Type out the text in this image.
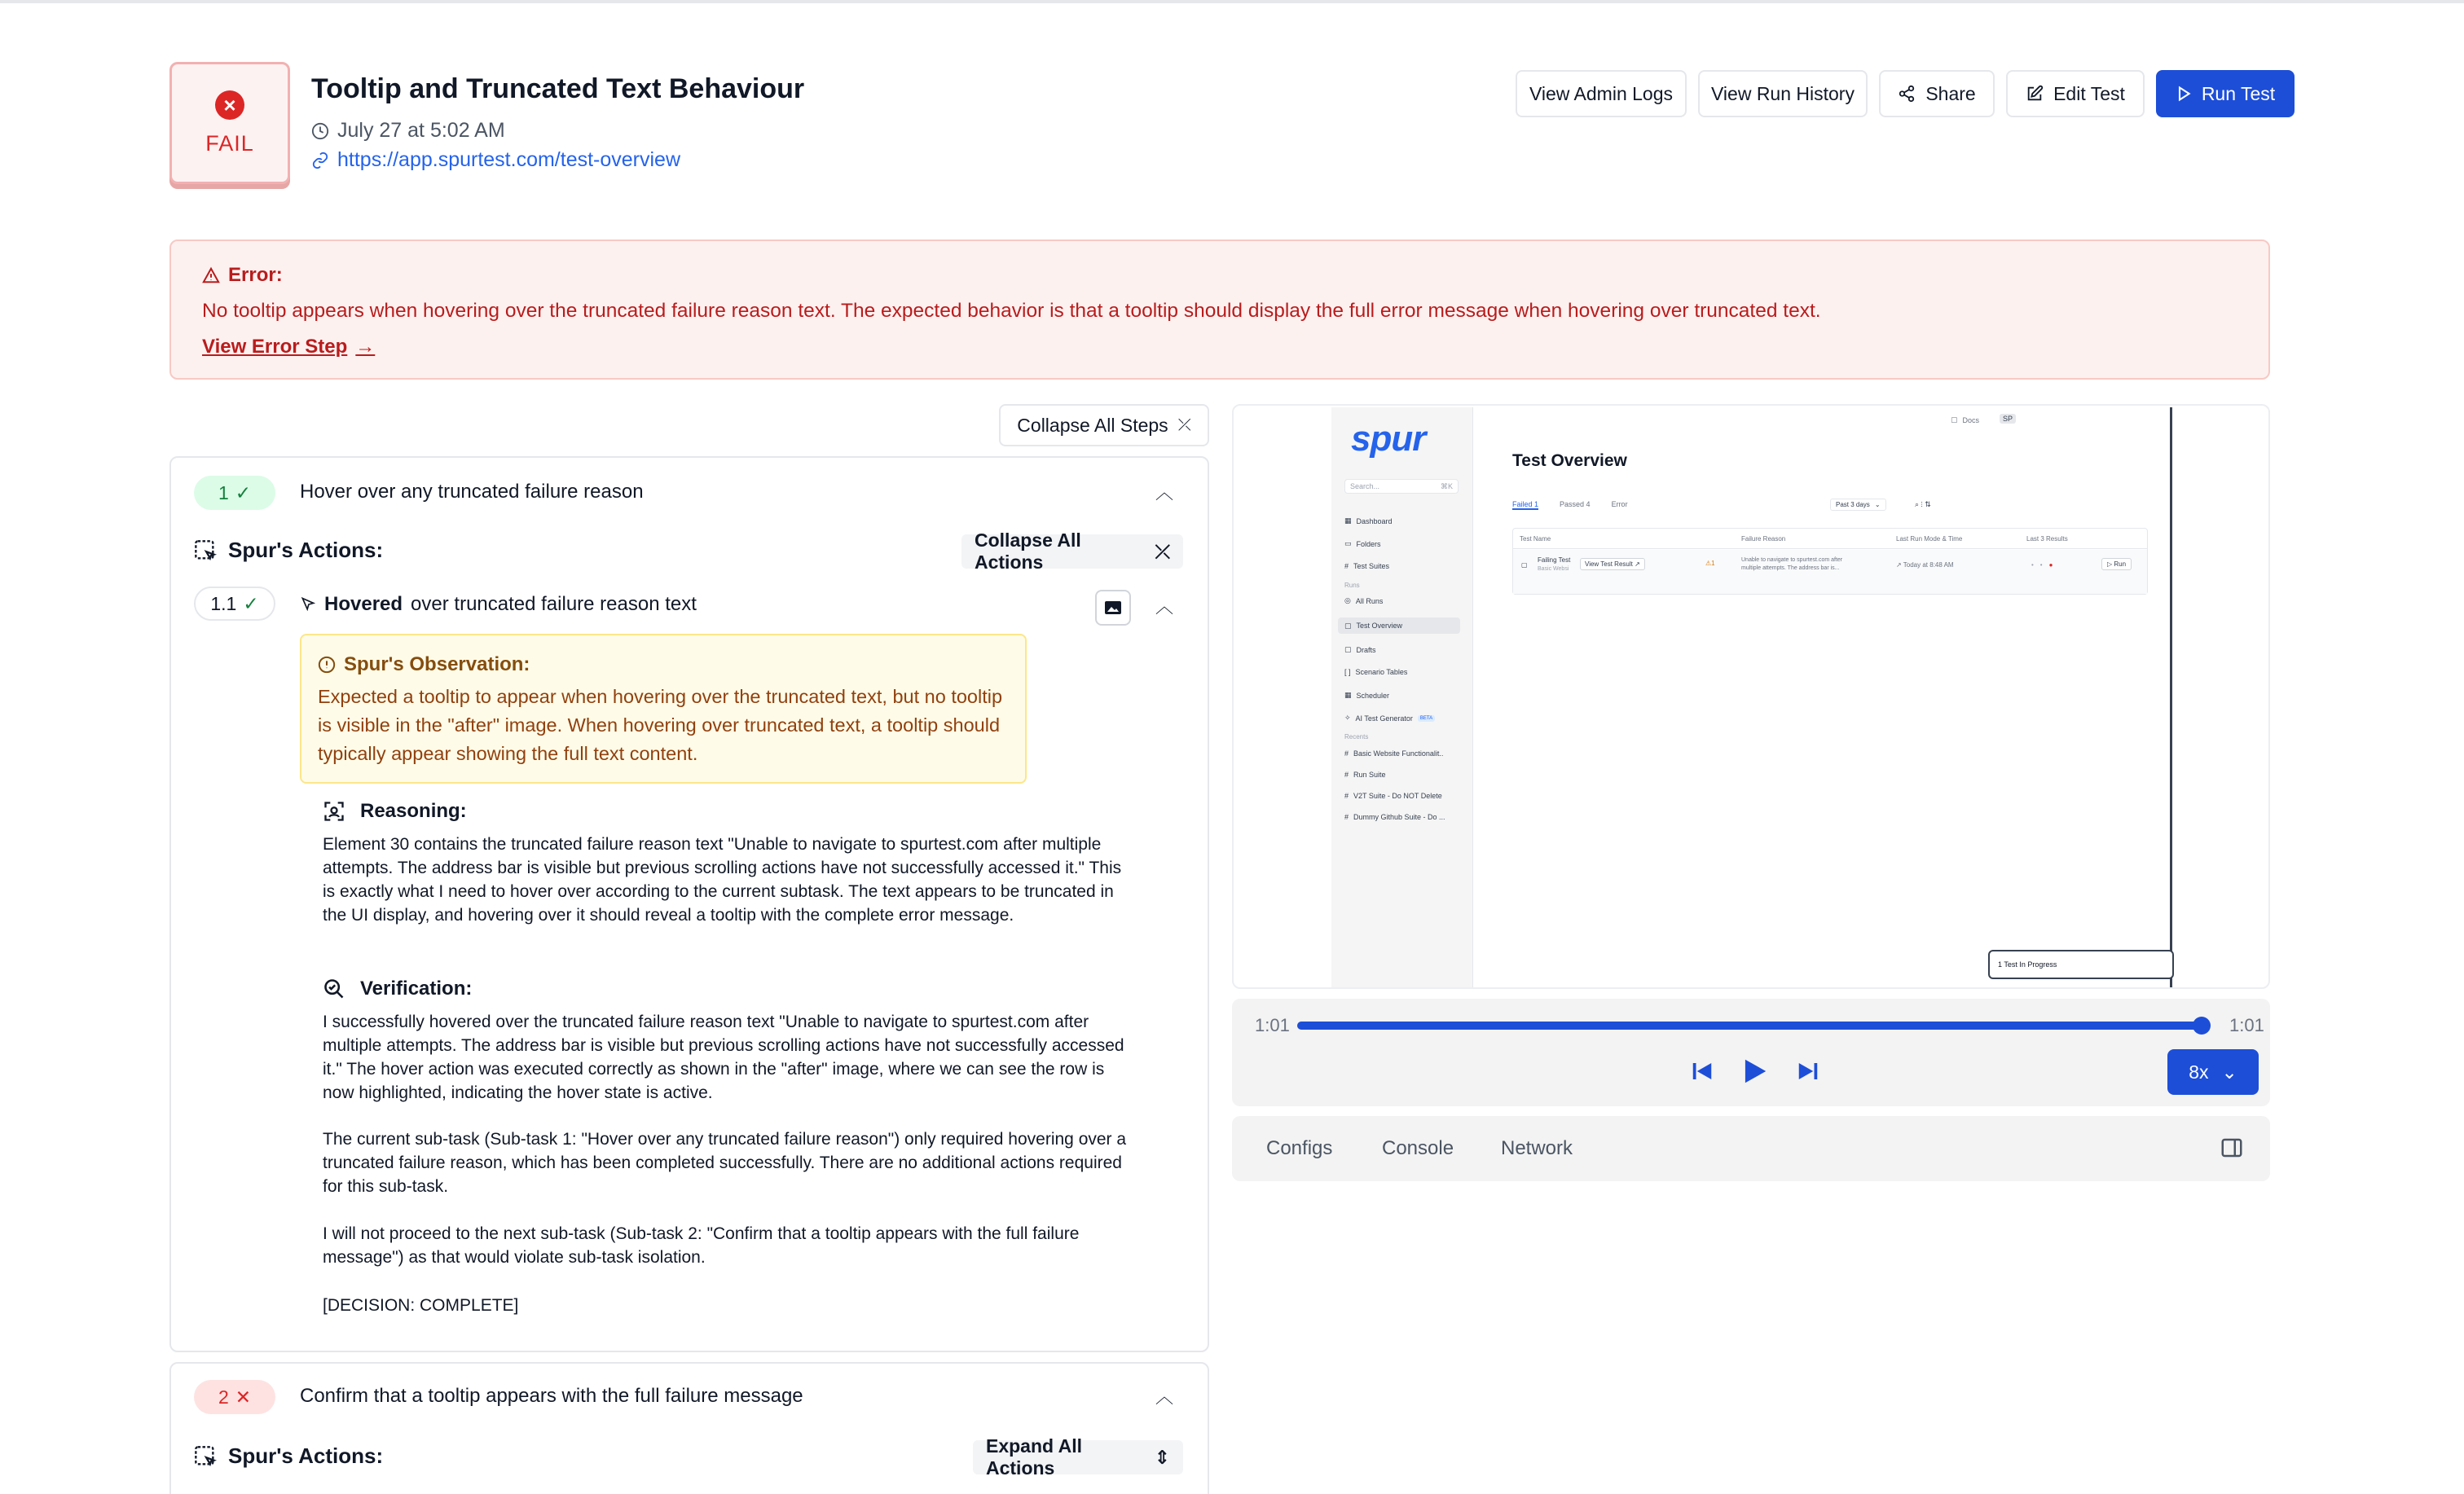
×
FAIL
Tooltip and Truncated Text Behaviour
July 27 at 5:02 AM
https://app.spurtest.com/test-overview
View Admin Logs View Run History	Share	Edit Test	Run Test
Error:
No tooltip appears when hovering over the truncated failure reason text. The expected behavior is that a tooltip should display the full error message when hovering over truncated text.
View Error Step →
Collapse All Steps ⤫
1 ✓ Hover over any truncated failure reason	︿
Spur's Actions:	Collapse All Actions
⤫
1.1 ✓	Hovered over truncated failure reason text	︿
Spur's Observation:
Expected a tooltip to appear when hovering over the truncated text, but no tooltip is visible in the "after" image. When hovering over truncated text, a tooltip should typically appear showing the full text content.
Reasoning:
Element 30 contains the truncated failure reason text "Unable to navigate to spurtest.com after multiple attempts. The address bar is visible but previous scrolling actions have not successfully accessed it." This is exactly what I need to hover over according to the current subtask. The text appears to be truncated in the UI display, and hovering over it should reveal a tooltip with the complete error message.
Verification:
I successfully hovered over the truncated failure reason text "Unable to navigate to spurtest.com after multiple attempts. The address bar is visible but previous scrolling actions have not successfully accessed it." The hover action was executed correctly as shown in the "after" image, where we can see the row is now highlighted, indicating the hover state is active.
The current sub-task (Sub-task 1: "Hover over any truncated failure reason") only required hovering over a truncated failure reason, which has been completed successfully. There are no additional actions required for this sub-task.
I will not proceed to the next sub-task (Sub-task 2: "Confirm that a tooltip appears with the full failure message") as that would violate sub-task isolation.
[DECISION: COMPLETE]
2 ✕ Confirm that a tooltip appears with the full failure message	︿
Spur's Actions:	Expand All Actions
⇕
spur
Search...	⌘K
▦ Dashboard
▭ Folders
# Test Suites
Runs
◎ All Runs
▢ Test Overview
▢ Drafts
[ ] Scenario Tables
▦ Scheduler
✧ AI Test Generator	BETA
Recents
# Basic Website Functionalit..
# Run Suite
# V2T Suite - Do NOT Delete
# Dummy Github Suite - Do ...
▢ Docs	SP
Test Overview
Failed 1	Passed 4	Error	Past 3 days ⌄	⌕ ⫶ ⇅
Test Name	Failure Reason	Last Run Mode & Time	Last 3 Results
▢
Failing Test
Basic Websi
View Test Result ↗	⚠1	Unable to navigate to spurtest.com after multiple attempts. The address bar is...	↗ Today at 8:48 AM	••●	▷ Run
1 Test In Progress
1:01	1:01
8x ⌄
Configs	Console Network
